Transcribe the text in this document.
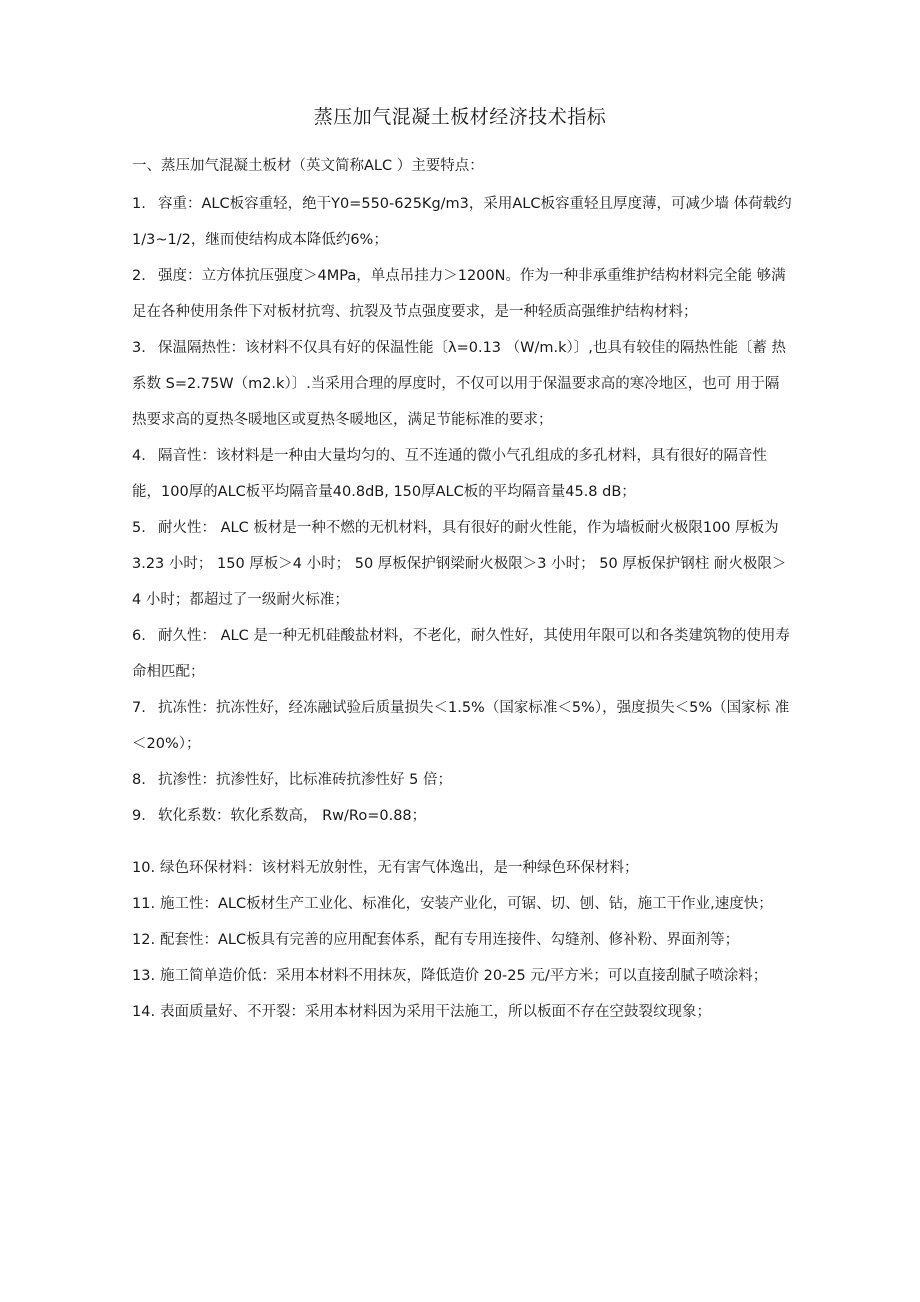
蒸压加气混凝土板材经济技术指标

一、蒸压加气混凝土板材（英文简称ALC ）主要特点：

1. 容重：ALC板容重轻，绝干Y0=550-625Kg/m3，采用ALC板容重轻且厚度薄，可减少墙 体荷载约 1/3~1/2，继而使结构成本降低约6%；

2. 强度：立方体抗压强度＞4MPa，单点吊挂力＞1200N。作为一种非承重维护结构材料完全能 够满足在各种使用条件下对板材抗弯、抗裂及节点强度要求，是一种轻质高强维护结构材料；

3. 保温隔热性：该材料不仅具有好的保温性能〔λ=0.13 （W/m.k）〕,也具有较佳的隔热性能〔蓄 热系数 S=2.75W（m2.k）〕.当采用合理的厚度时，不仅可以用于保温要求高的寒冷地区，也可 用于隔热要求高的夏热冬暖地区或夏热冬暖地区，满足节能标准的要求；

4. 隔音性：该材料是一种由大量均匀的、互不连通的微小气孔组成的多孔材料，具有很好的隔音性能，100厚的ALC板平均隔音量40.8dB, 150厚ALC板的平均隔音量45.8 dB；

5. 耐火性： ALC 板材是一种不燃的无机材料，具有很好的耐火性能，作为墙板耐火极限100 厚板为 3.23 小时； 150 厚板＞4 小时； 50 厚板保护钢梁耐火极限＞3 小时； 50 厚板保护钢柱 耐火极限＞4 小时；都超过了一级耐火标准；

6. 耐久性： ALC 是一种无机硅酸盐材料，不老化，耐久性好，其使用年限可以和各类建筑物的使用寿命相匹配；

7. 抗冻性：抗冻性好，经冻融试验后质量损失＜1.5%（国家标准＜5%），强度损失＜5%（国家标 准＜20%）；

8. 抗渗性：抗渗性好，比标准砖抗渗性好 5 倍；

9. 软化系数：软化系数高， Rw/Ro=0.88；

10. 绿色环保材料：该材料无放射性，无有害气体逸出，是一种绿色环保材料；

11. 施工性：ALC板材生产工业化、标准化，安装产业化，可锯、切、刨、钻，施工干作业,速度快；

12. 配套性：ALC板具有完善的应用配套体系，配有专用连接件、勾缝剂、修补粉、界面剂等；

13. 施工简单造价低：采用本材料不用抹灰，降低造价 20-25 元/平方米；可以直接刮腻子喷涂料；

14. 表面质量好、不开裂：采用本材料因为采用干法施工，所以板面不存在空鼓裂纹现象；
